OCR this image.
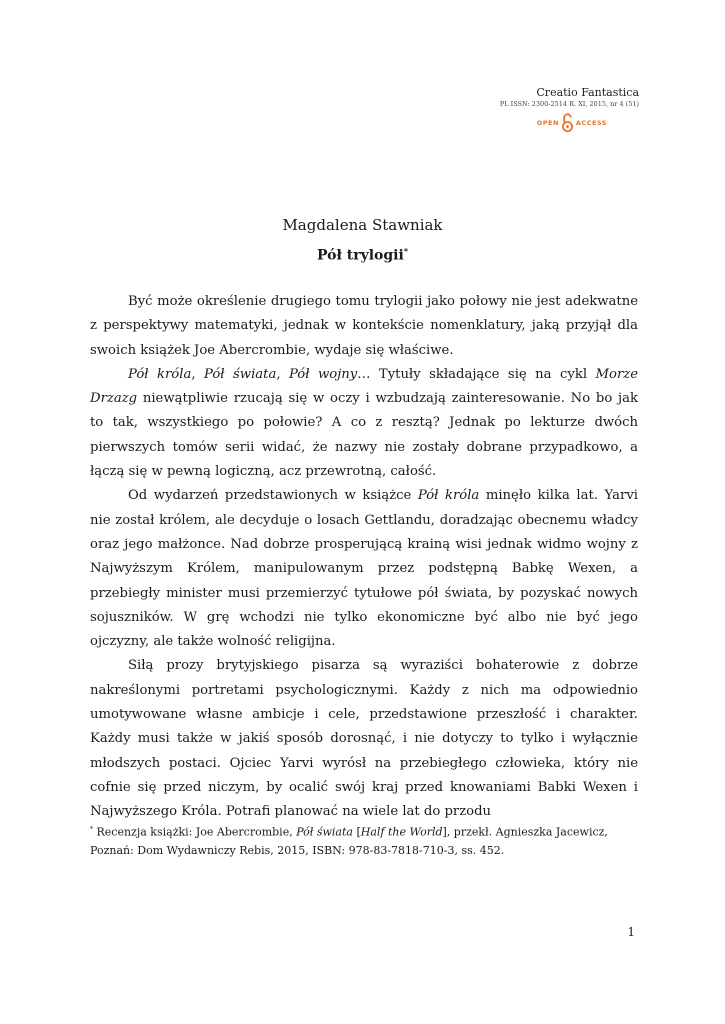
Creatio Fantastica
PL ISSN: 2300-2514 R. XI, 2015, nr 4 (51)
OPEN	ACCESS
Magdalena Stawniak
Pół trylogii*

Być może określenie drugiego tomu trylogii jako połowy nie jest adekwatne z perspektywy matematyki, jednak w kontekście nomenklatury, jaką przyjął dla swoich książek Joe Abercrombie, wydaje się właściwe.

Pół króla, Pół świata, Pół wojny… Tytuły składające się na cykl Morze Drzazg niewątpliwie rzucają się w oczy i wzbudzają zainteresowanie. No bo jak to tak, wszystkiego po połowie? A co z resztą? Jednak po lekturze dwóch pierwszych tomów serii widać, że nazwy nie zostały dobrane przypadkowo, a łączą się w pewną logiczną, acz przewrotną, całość.

Od wydarzeń przedstawionych w książce Pół króla minęło kilka lat. Yarvi nie został królem, ale decyduje o losach Gettlandu, doradzając obecnemu władcy oraz jego małżonce. Nad dobrze prosperującą krainą wisi jednak widmo wojny z Najwyższym Królem, manipulowanym przez podstępną Babkę Wexen, a przebiegły minister musi przemierzyć tytułowe pół świata, by pozyskać nowych sojuszników. W grę wchodzi nie tylko ekonomiczne być albo nie być jego ojczyzny, ale także wolność religijna.

Siłą prozy brytyjskiego pisarza są wyraziści bohaterowie z dobrze nakreślonymi portretami psychologicznymi. Każdy z nich ma odpowiednio umotywowane własne ambicje i cele, przedstawione przeszłość i charakter. Każdy musi także w jakiś sposób dorosnąć, i nie dotyczy to tylko i wyłącznie młodszych postaci. Ojciec Yarvi wyrósł na przebiegłego człowieka, który nie cofnie się przed niczym, by ocalić swój kraj przed knowaniami Babki Wexen i Najwyższego Króla. Potrafi planować na wiele lat do przodu

* Recenzja książki: Joe Abercrombie, Pół świata [Half the World], przekł. Agnieszka Jacewicz, Poznań: Dom Wydawniczy Rebis, 2015, ISBN: 978-83-7818-710-3, ss. 452.
1
